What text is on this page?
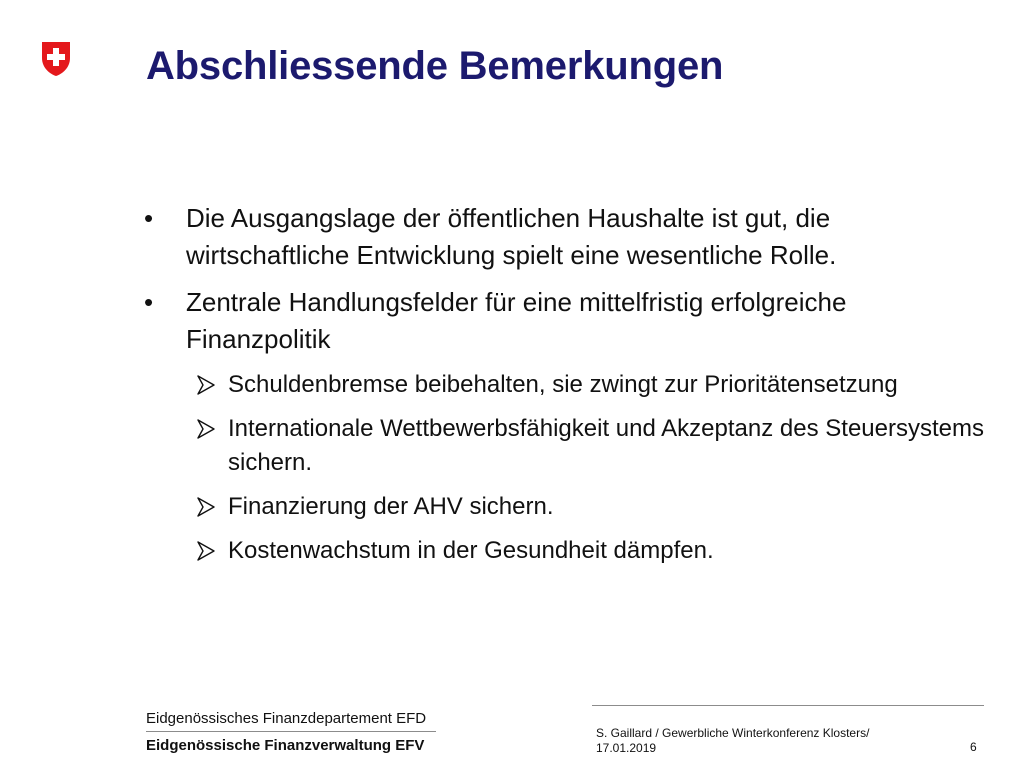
Abschliessende Bemerkungen
• Die Ausgangslage der öffentlichen Haushalte ist gut, die wirtschaftliche Entwicklung spielt eine wesentliche Rolle.
• Zentrale Handlungsfelder für eine mittelfristig erfolgreiche Finanzpolitik
Schuldenbremse beibehalten, sie zwingt zur Prioritätensetzung
Internationale Wettbewerbsfähigkeit und Akzeptanz des Steuersystems sichern.
Finanzierung der AHV sichern.
Kostenwachstum in der Gesundheit dämpfen.
Eidgenössisches Finanzdepartement EFD
Eidgenössische Finanzverwaltung EFV
S. Gaillard / Gewerbliche Winterkonferenz Klosters/
17.01.2019	6
